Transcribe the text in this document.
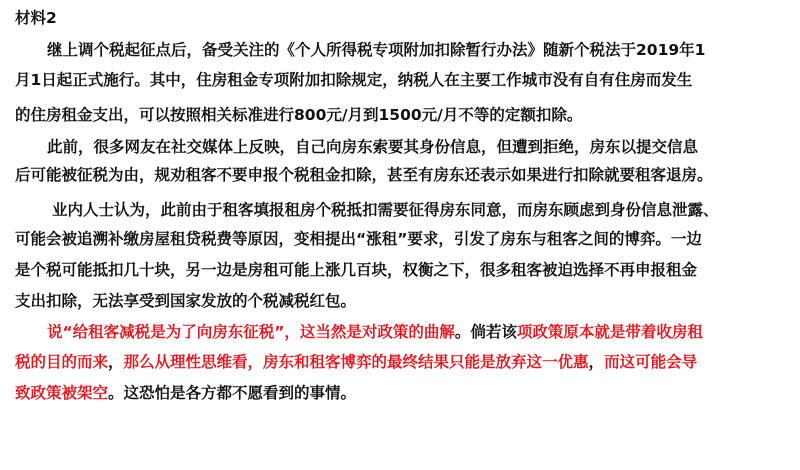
材料2
继上调个税起征点后，备受关注的《个人所得税专项附加扣除暂行办法》随新个税法于2019年1
月1日起正式施行。其中，住房租金专项附加扣除规定，纳税人在主要工作城市没有自有住房而发生
的住房租金支出，可以按照相关标准进行800元/月到1500元/月不等的定额扣除。
此前，很多网友在社交媒体上反映，自己向房东索要其身份信息，但遭到拒绝，房东以提交信息
后可能被征税为由，规劝租客不要申报个税租金扣除，甚至有房东还表示如果进行扣除就要租客退房。
业内人士认为，此前由于租客填报租房个税抵扣需要征得房东同意，而房东顾虑到身份信息泄露、
可能会被追溯补缴房屋租贷税费等原因，变相提出“涨租”要求，引发了房东与租客之间的博弈。一边
是个税可能抵扣几十块，另一边是房租可能上涨几百块，权衡之下，很多租客被迫选择不再申报租金
支出扣除，无法享受到国家发放的个税减税红包。
说“给租客减税是为了向房东征税”，这当然是对政策的曲解。倘若该项政策原本就是带着收房租
税的目的而来，那么从理性思维看，房东和租客博弈的最终结果只能是放弃这一优惠，而这可能会导
致政策被架空。这恐怕是各方都不愿看到的事情。
